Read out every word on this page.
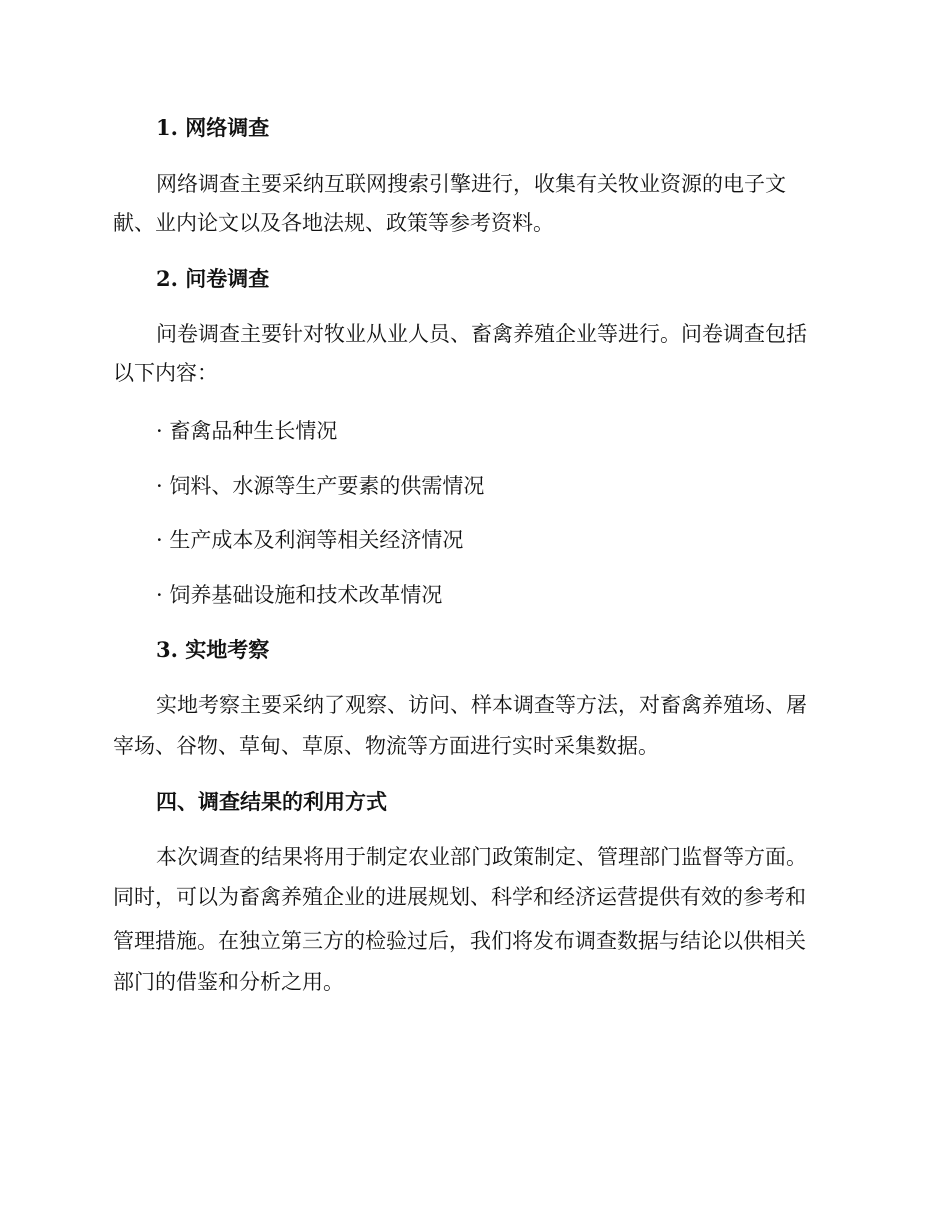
1. 网络调查
网络调查主要采纳互联网搜索引擎进行，收集有关牧业资源的电子文
献、业内论文以及各地法规、政策等参考资料。
2. 问卷调查
问卷调查主要针对牧业从业人员、畜禽养殖企业等进行。问卷调查包括
以下内容：
· 畜禽品种生长情况
· 饲料、水源等生产要素的供需情况
· 生产成本及利润等相关经济情况
· 饲养基础设施和技术改革情况
3. 实地考察
实地考察主要采纳了观察、访问、样本调查等方法，对畜禽养殖场、屠
宰场、谷物、草甸、草原、物流等方面进行实时采集数据。
四、调查结果的利用方式
本次调查的结果将用于制定农业部门政策制定、管理部门监督等方面。
同时，可以为畜禽养殖企业的进展规划、科学和经济运营提供有效的参考和
管理措施。在独立第三方的检验过后，我们将发布调查数据与结论以供相关
部门的借鉴和分析之用。
